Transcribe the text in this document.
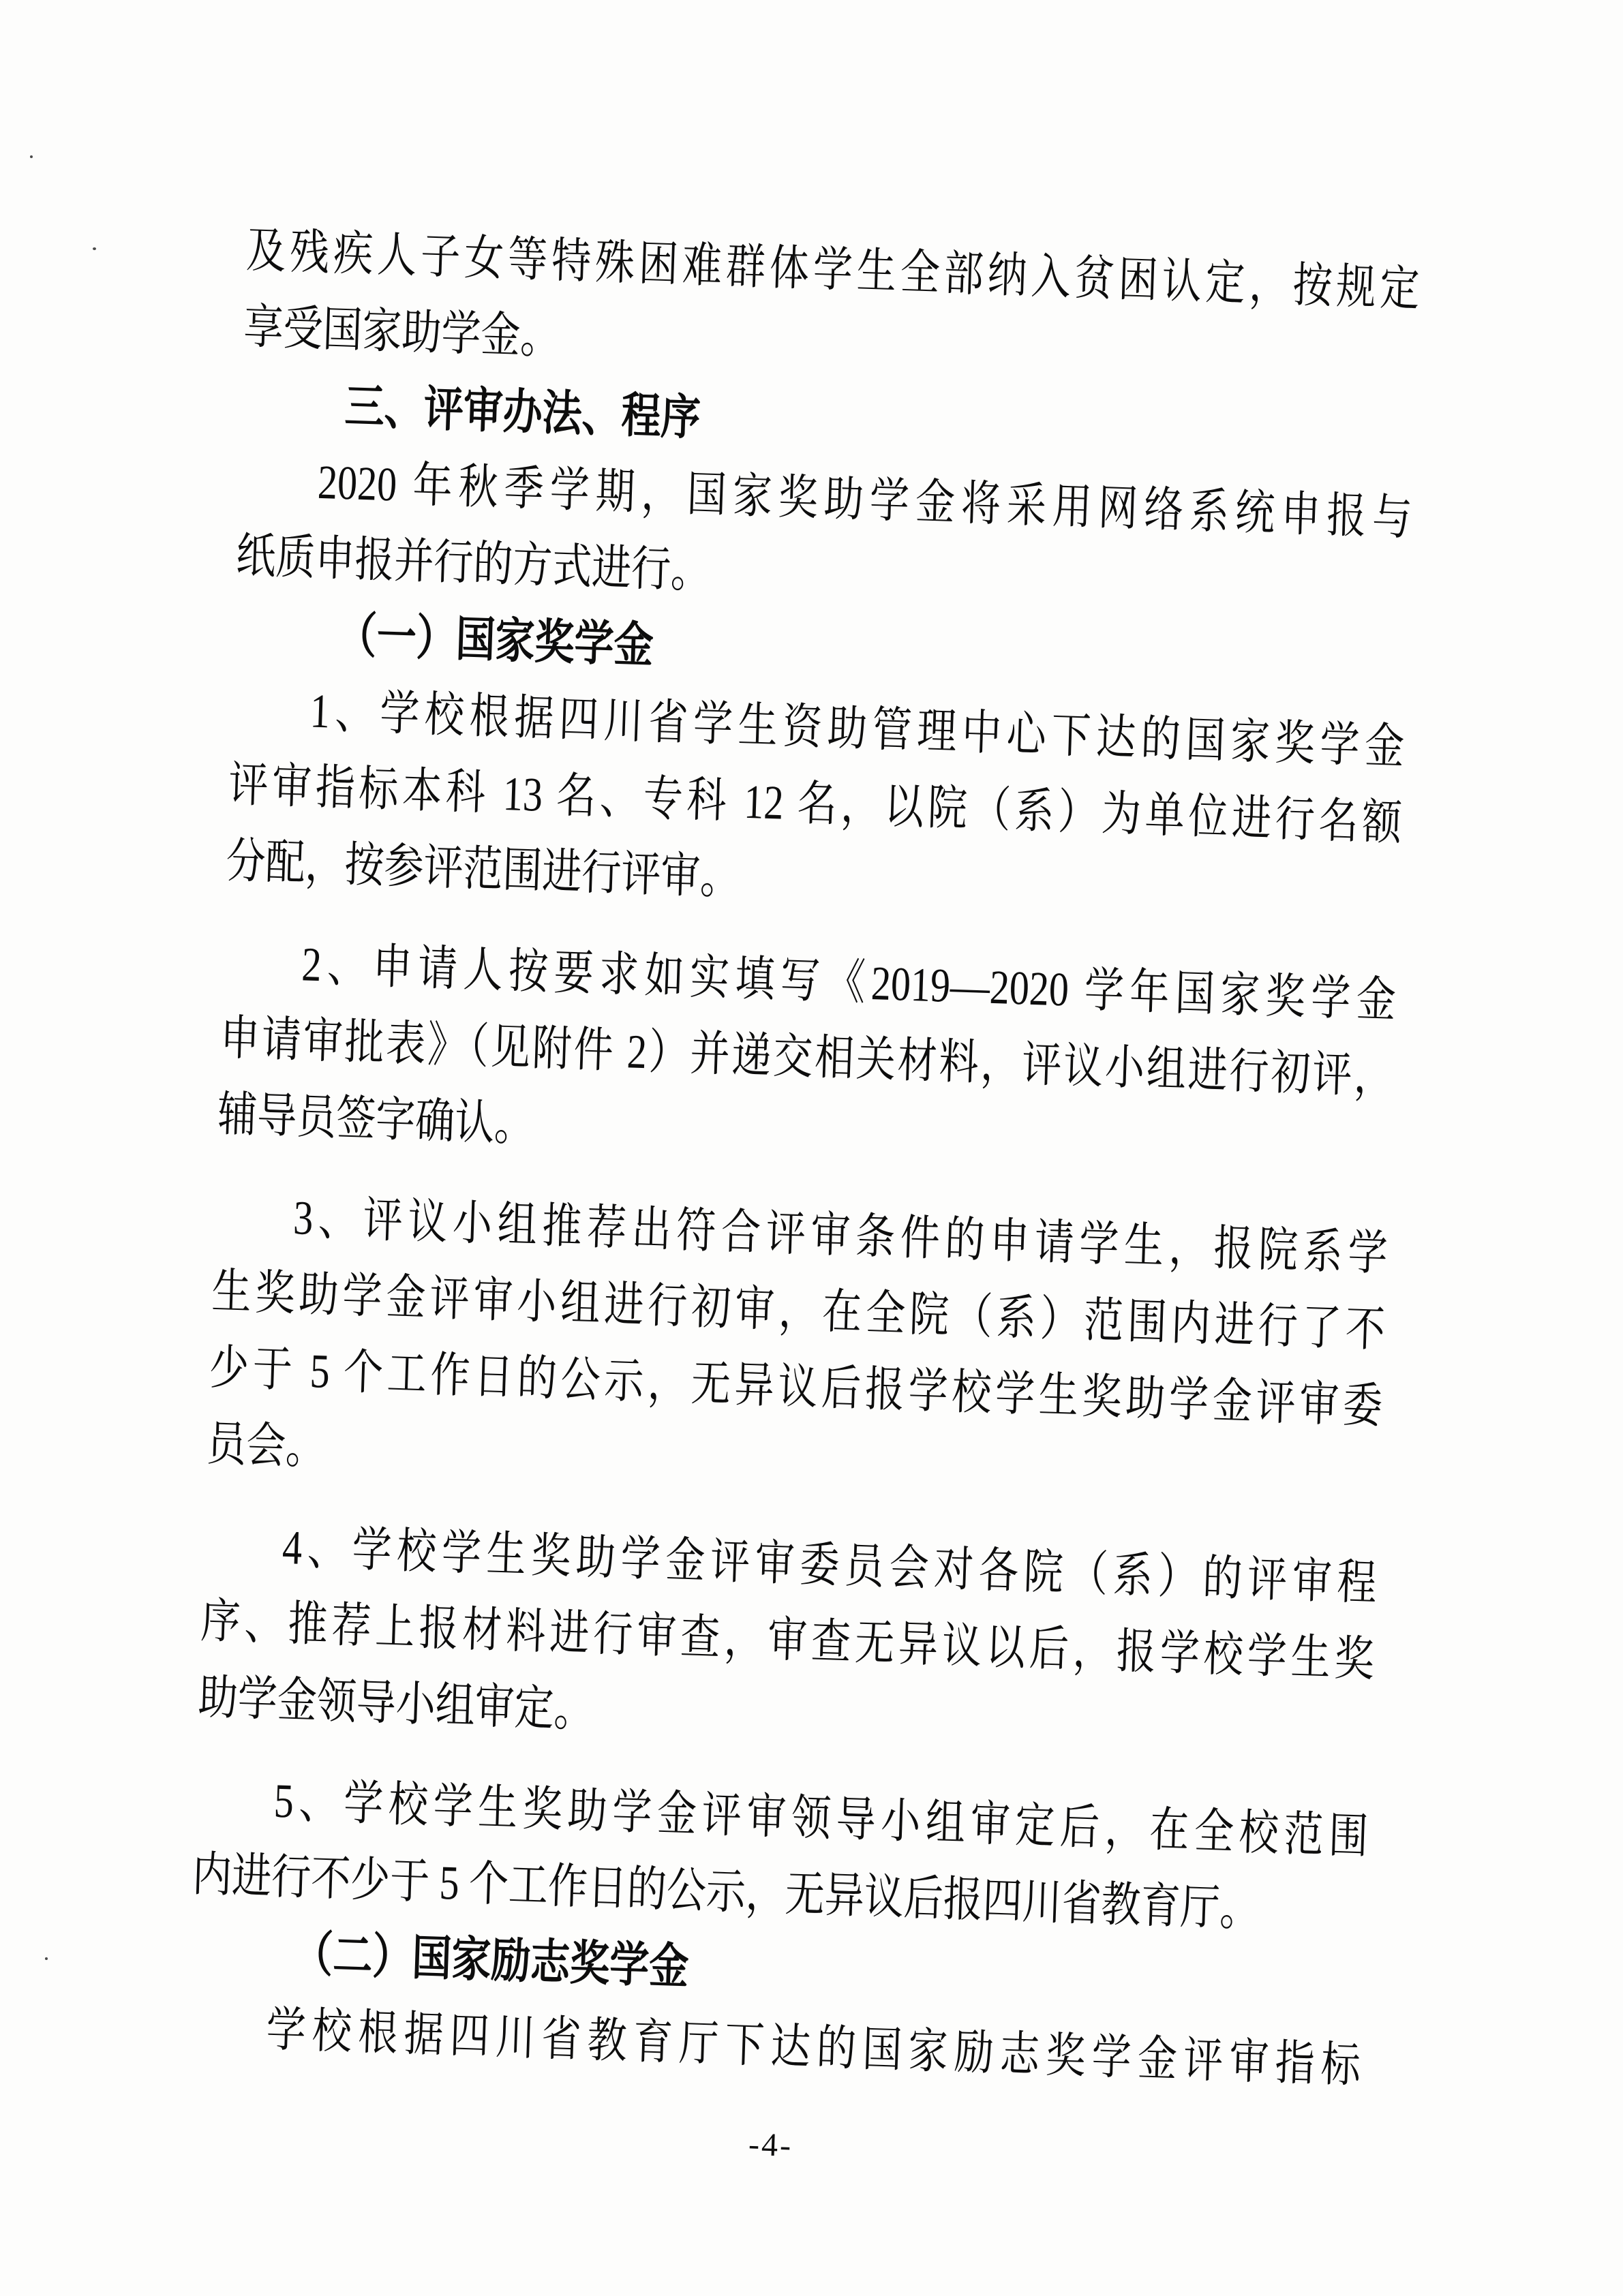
及残疾人子女等特殊困难群体学生全部纳入贫困认定，按规定
享受国家助学金。
三、评审办法、程序
2020 年秋季学期，国家奖助学金将采用网络系统申报与
纸质申报并行的方式进行。
（一）国家奖学金
1、学校根据四川省学生资助管理中心下达的国家奖学金
评审指标本科 13 名、专科 12 名，以院（系）为单位进行名额
分配，按参评范围进行评审。
2、申请人按要求如实填写《2019—2020 学年国家奖学金
申请审批表》（见附件 2）并递交相关材料，评议小组进行初评，
辅导员签字确认。
3、评议小组推荐出符合评审条件的申请学生，报院系学
生奖助学金评审小组进行初审，在全院（系）范围内进行了不
少于 5 个工作日的公示，无异议后报学校学生奖助学金评审委
员会。
4、学校学生奖助学金评审委员会对各院（系）的评审程
序、推荐上报材料进行审查，审查无异议以后，报学校学生奖
助学金领导小组审定。
5、学校学生奖助学金评审领导小组审定后，在全校范围
内进行不少于 5 个工作日的公示，无异议后报四川省教育厅。
（二）国家励志奖学金
学校根据四川省教育厅下达的国家励志奖学金评审指标
-4-
